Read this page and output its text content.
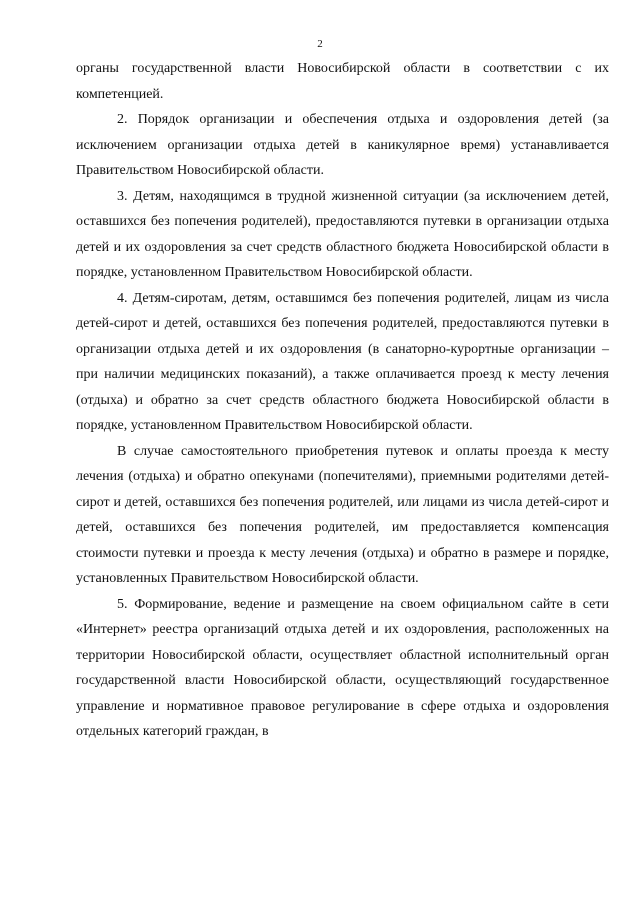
2

органы государственной власти Новосибирской области в соответствии с их компетенцией.

2. Порядок организации и обеспечения отдыха и оздоровления детей (за исключением организации отдыха детей в каникулярное время) устанавливается Правительством Новосибирской области.

3. Детям, находящимся в трудной жизненной ситуации (за исключением детей, оставшихся без попечения родителей), предоставляются путевки в организации отдыха детей и их оздоровления за счет средств областного бюджета Новосибирской области в порядке, установленном Правительством Новосибирской области.

4. Детям-сиротам, детям, оставшимся без попечения родителей, лицам из числа детей-сирот и детей, оставшихся без попечения родителей, предоставляются путевки в организации отдыха детей и их оздоровления (в санаторно-курортные организации – при наличии медицинских показаний), а также оплачивается проезд к месту лечения (отдыха) и обратно за счет средств областного бюджета Новосибирской области в порядке, установленном Правительством Новосибирской области.

В случае самостоятельного приобретения путевок и оплаты проезда к месту лечения (отдыха) и обратно опекунами (попечителями), приемными родителями детей-сирот и детей, оставшихся без попечения родителей, или лицами из числа детей-сирот и детей, оставшихся без попечения родителей, им предоставляется компенсация стоимости путевки и проезда к месту лечения (отдыха) и обратно в размере и порядке, установленных Правительством Новосибирской области.

5. Формирование, ведение и размещение на своем официальном сайте в сети «Интернет» реестра организаций отдыха детей и их оздоровления, расположенных на территории Новосибирской области, осуществляет областной исполнительный орган государственной власти Новосибирской области, осуществляющий государственное управление и нормативное правовое регулирование в сфере отдыха и оздоровления отдельных категорий граждан, в
